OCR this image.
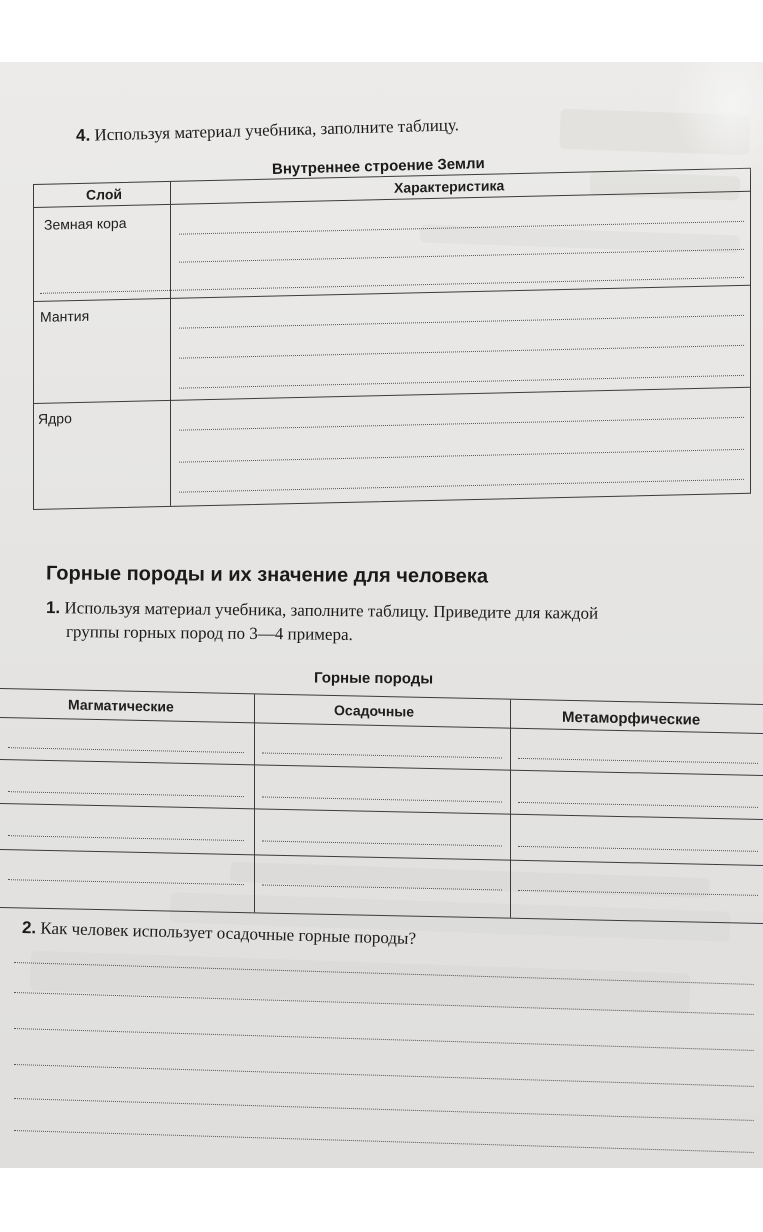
4. Используя материал учебника, заполните таблицу.
Внутреннее строение Земли
Слой	Характеристика
Земная кора
Мантия
Ядро
Горные породы и их значение для человека
1. Используя материал учебника, заполните таблицу. Приведите для каждой
группы горных пород по 3—4 примера.
Горные породы
Магматические	Осадочные	Метаморфические
2. Как человек использует осадочные горные породы?
